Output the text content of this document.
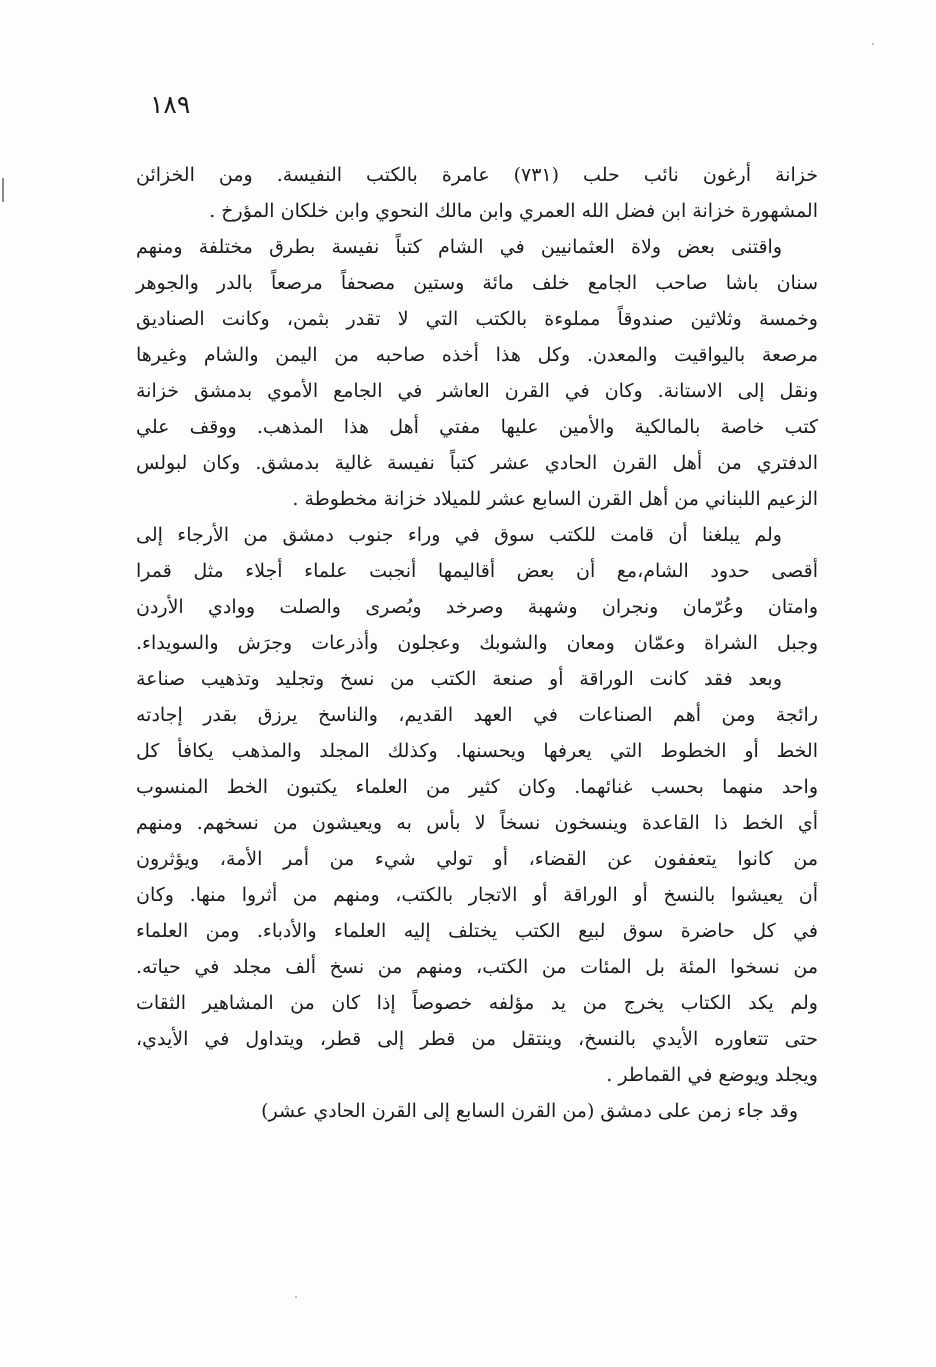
١٨٩
خزانة أرغون نائب حلب (٧٣١) عامرة بالكتب النفيسة. ومن الخزائن
المشهورة خزانة ابن فضل الله العمري وابن مالك النحوي وابن خلكان المؤرخ .
واقتنى بعض ولاة العثمانيين في الشام كتباً نفيسة بطرق مختلفة ومنهم
سنان باشا صاحب الجامع خلف مائة وستين مصحفاً مرصعاً بالدر والجوهر
وخمسة وثلاثين صندوقاً مملوءة بالكتب التي لا تقدر بثمن، وكانت الصناديق
مرصعة باليواقيت والمعدن. وكل هذا أخذه صاحبه من اليمن والشام وغيرها
ونقل إلى الاستانة. وكان في القرن العاشر في الجامع الأموي بدمشق خزانة
كتب خاصة بالمالكية والأمين عليها مفتي أهل هذا المذهب. ووقف علي
الدفتري من أهل القرن الحادي عشر كتباً نفيسة غالية بدمشق. وكان لبولس
الزعيم اللبناني من أهل القرن السابع عشر للميلاد خزانة مخطوطة .
ولم يبلغنا أن قامت للكتب سوق في وراء جنوب دمشق من الأرجاء إلى
أقصى حدود الشام،مع أن بعض أقاليمها أنجبت علماء أجلاء مثل قمرا
وامتان وعُرّمان ونجران وشهبة وصرخد وبُصرى والصلت ووادي الأردن
وجبل الشراة وعمّان ومعان والشوبك وعجلون وأذرعات وجرَش والسويداء.
وبعد فقد كانت الوراقة أو صنعة الكتب من نسخ وتجليد وتذهيب صناعة
رائجة ومن أهم الصناعات في العهد القديم، والناسخ يرزق بقدر إجادته
الخط أو الخطوط التي يعرفها ويحسنها. وكذلك المجلد والمذهب يكافأ كل
واحد منهما بحسب غنائهما. وكان كثير من العلماء يكتبون الخط المنسوب
أي الخط ذا القاعدة وينسخون نسخاً لا بأس به ويعيشون من نسخهم. ومنهم
من كانوا يتعففون عن القضاء، أو تولي شيء من أمر الأمة، ويؤثرون
أن يعيشوا بالنسخ أو الوراقة أو الاتجار بالكتب، ومنهم من أثروا منها. وكان
في كل حاضرة سوق لبيع الكتب يختلف إليه العلماء والأدباء. ومن العلماء
من نسخوا المئة بل المئات من الكتب، ومنهم من نسخ ألف مجلد في حياته.
ولم يكد الكتاب يخرج من يد مؤلفه خصوصاً إذا كان من المشاهير الثقات
حتى تتعاوره الأيدي بالنسخ، وينتقل من قطر إلى قطر، ويتداول في الأيدي،
ويجلد ويوضع في القماطر .
وقد جاء زمن على دمشق (من القرن السابع إلى القرن الحادي عشر)
